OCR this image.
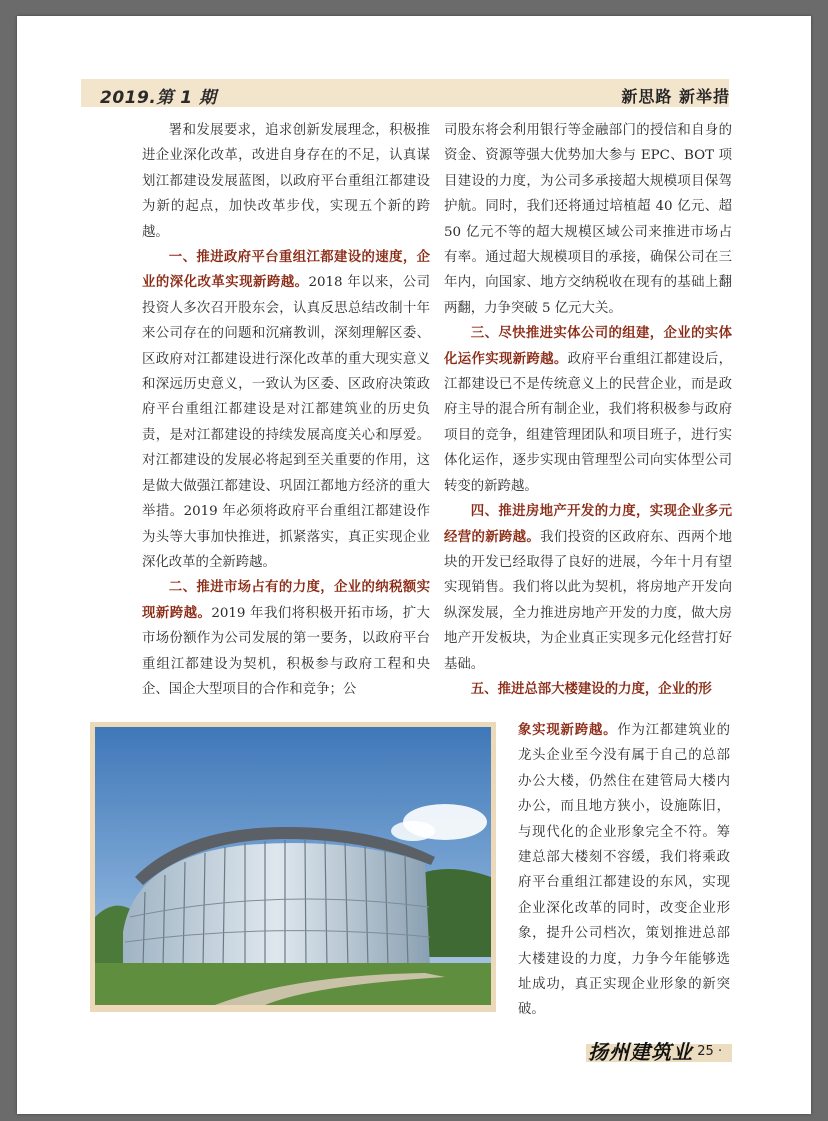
2019.第 1 期	新思路 新举措

署和发展要求，追求创新发展理念，积极推进企业深化改革，改进自身存在的不足，认真谋划江都建设发展蓝图，以政府平台重组江都建设为新的起点，加快改革步伐，实现五个新的跨越。

一、推进政府平台重组江都建设的速度，企业的深化改革实现新跨越。2018 年以来，公司投资人多次召开股东会，认真反思总结改制十年来公司存在的问题和沉痛教训，深刻理解区委、区政府对江都建设进行深化改革的重大现实意义和深远历史意义，一致认为区委、区政府决策政府平台重组江都建设是对江都建筑业的历史负责，是对江都建设的持续发展高度关心和厚爱。对江都建设的发展必将起到至关重要的作用，这是做大做强江都建设、巩固江都地方经济的重大举措。2019 年必须将政府平台重组江都建设作为头等大事加快推进，抓紧落实，真正实现企业深化改革的全新跨越。

二、推进市场占有的力度，企业的纳税额实现新跨越。2019 年我们将积极开拓市场，扩大市场份额作为公司发展的第一要务，以政府平台重组江都建设为契机，积极参与政府工程和央企、国企大型项目的合作和竞争；公

司股东将会利用银行等金融部门的授信和自身的资金、资源等强大优势加大参与 EPC、BOT 项目建设的力度，为公司多承接超大规模项目保驾护航。同时，我们还将通过培植超 40 亿元、超 50 亿元不等的超大规模区域公司来推进市场占有率。通过超大规模项目的承接，确保公司在三年内，向国家、地方交纳税收在现有的基础上翻两翻，力争突破 5 亿元大关。

三、尽快推进实体公司的组建，企业的实体化运作实现新跨越。政府平台重组江都建设后，江都建设已不是传统意义上的民营企业，而是政府主导的混合所有制企业，我们将积极参与政府项目的竞争，组建管理团队和项目班子，进行实体化运作，逐步实现由管理型公司向实体型公司转变的新跨越。

四、推进房地产开发的力度，实现企业多元经营的新跨越。我们投资的区政府东、西两个地块的开发已经取得了良好的进展，今年十月有望实现销售。我们将以此为契机，将房地产开发向纵深发展，全力推进房地产开发的力度，做大房地产开发板块，为企业真正实现多元化经营打好基础。

五、推进总部大楼建设的力度，企业的形

象实现新跨越。作为江都建筑业的龙头企业至今没有属于自己的总部办公大楼，仍然住在建管局大楼内办公，而且地方狭小，设施陈旧，与现代化的企业形象完全不符。筹建总部大楼刻不容缓，我们将乘政府平台重组江都建设的东风，实现企业深化改革的同时，改变企业形象，提升公司档次，策划推进总部大楼建设的力度，力争今年能够选址成功，真正实现企业形象的新突破。

扬州建筑业
· 25 ·
